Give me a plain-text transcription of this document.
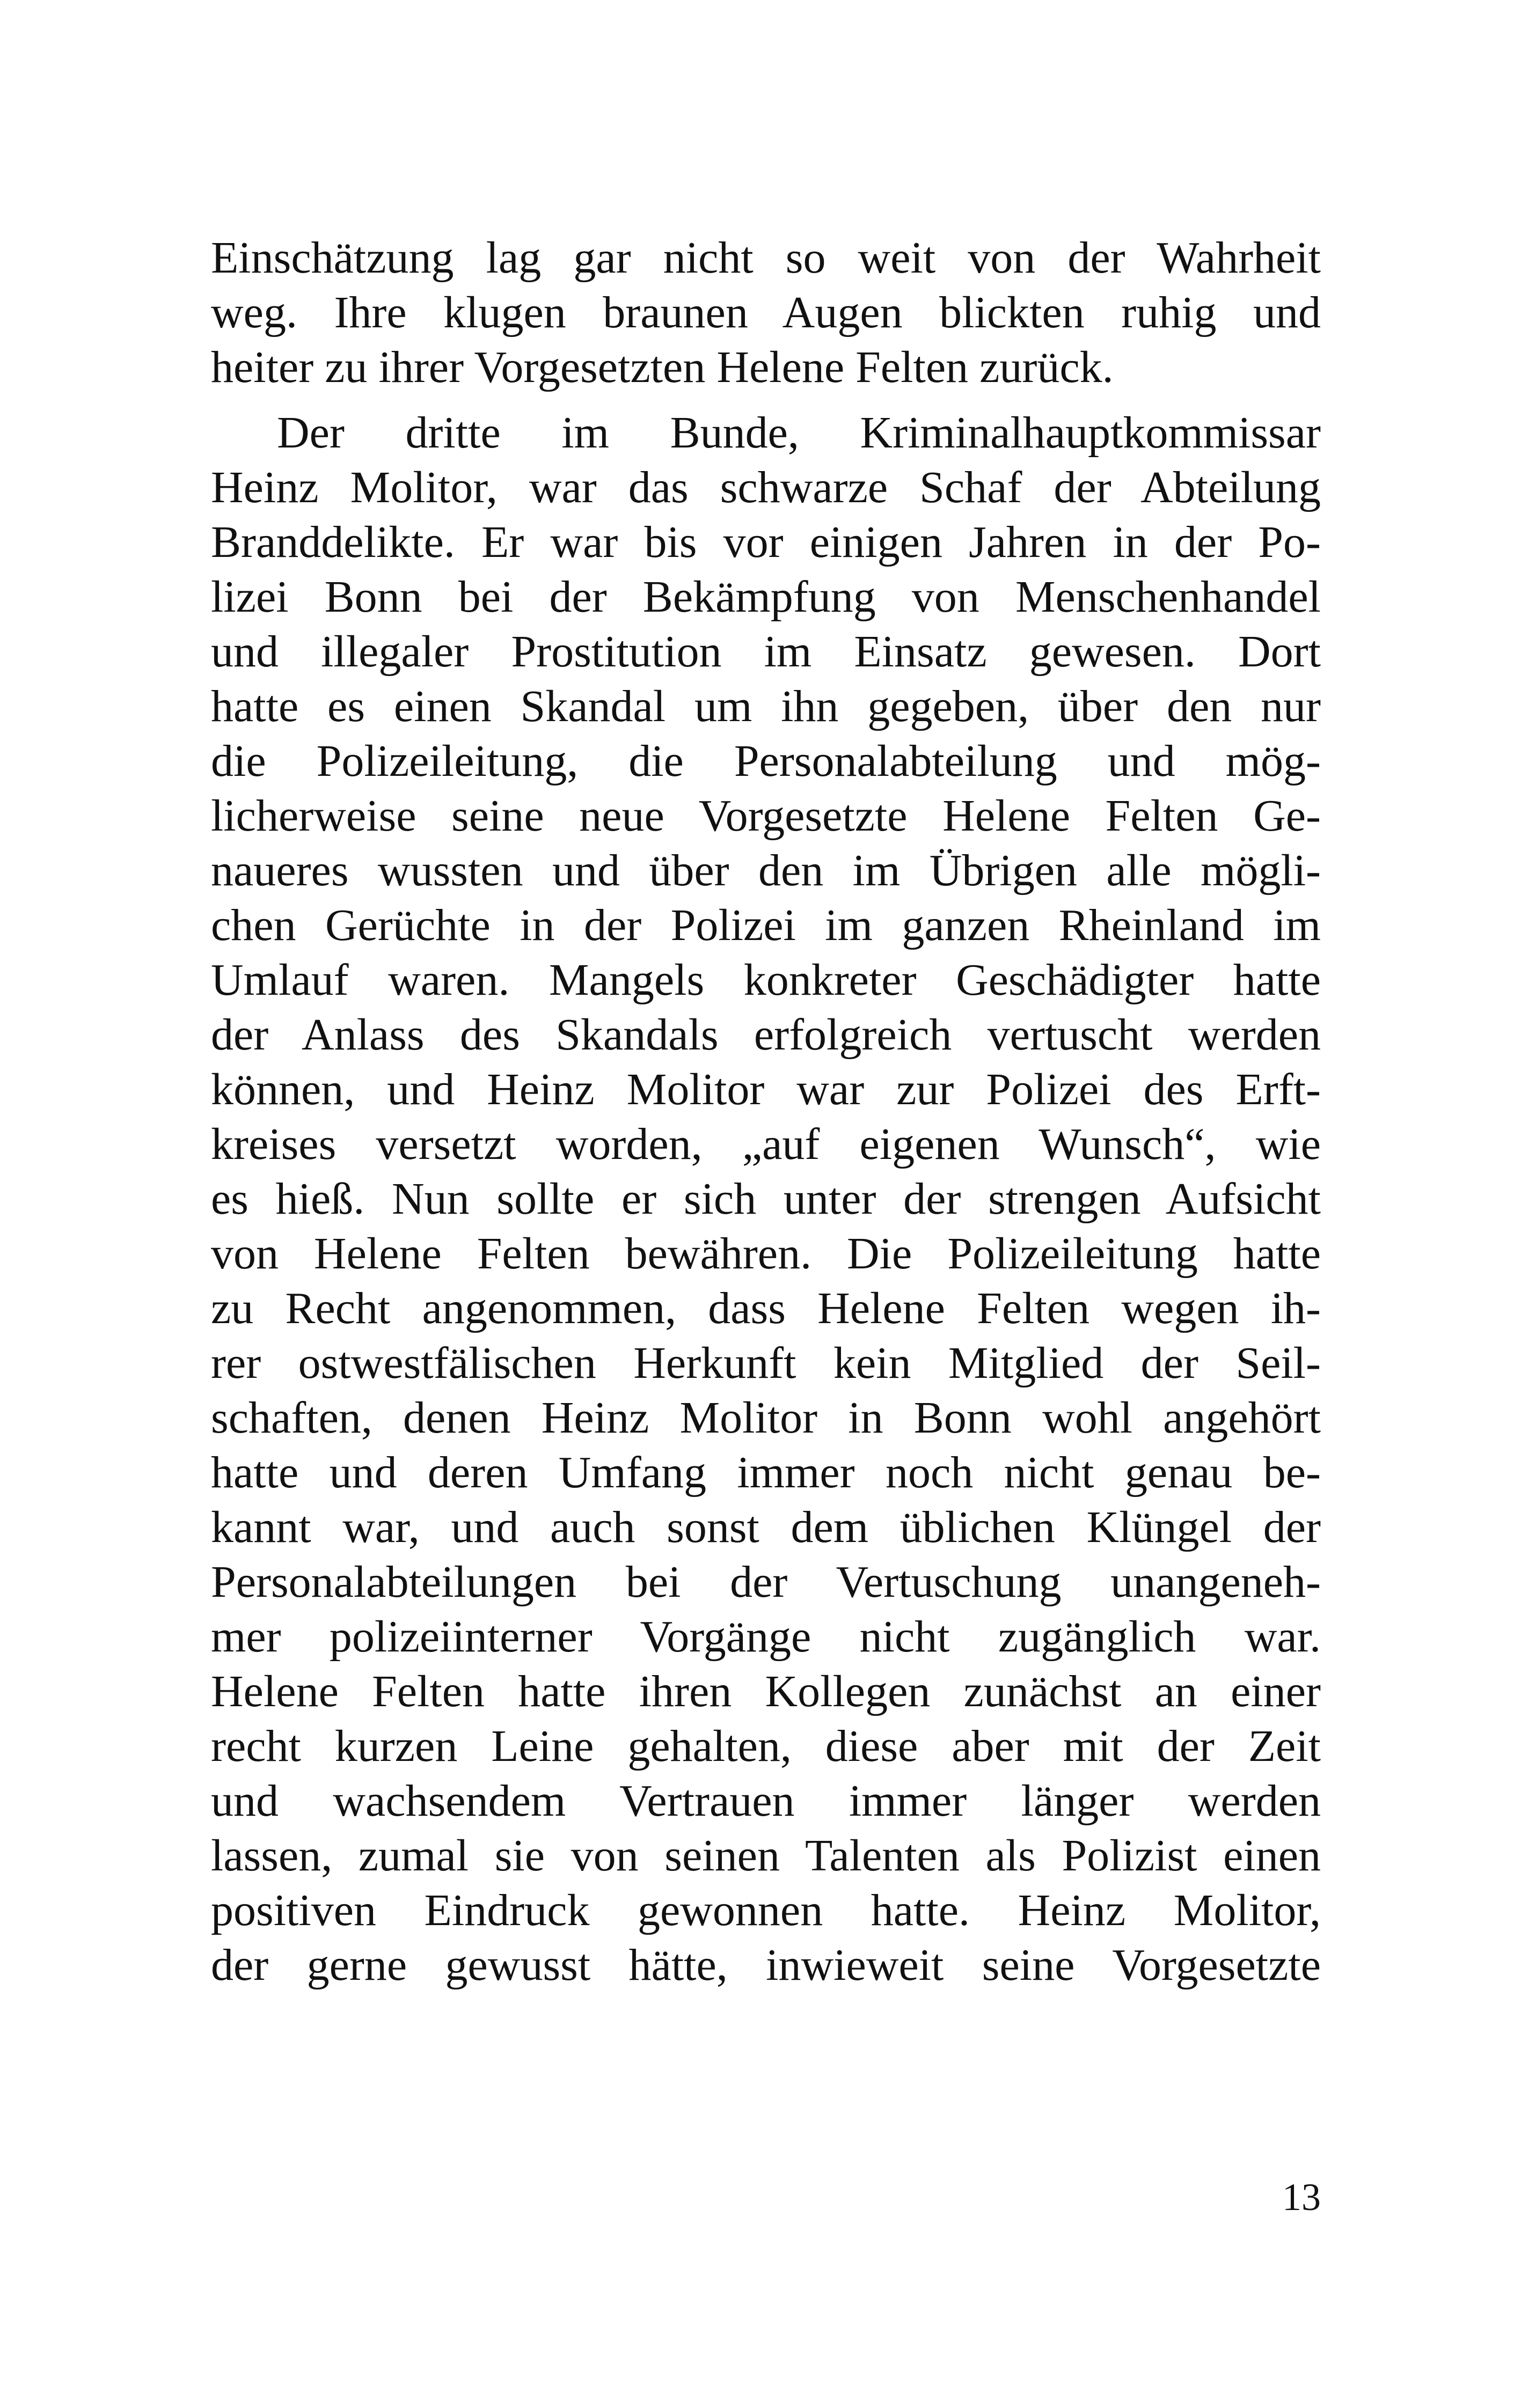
Einschätzung lag gar nicht so weit von der Wahrheit
weg. Ihre klugen braunen Augen blickten ruhig und
heiter zu ihrer Vorgesetzten Helene Felten zurück.
Der dritte im Bunde, Kriminalhauptkommissar
Heinz Molitor, war das schwarze Schaf der Abteilung
Branddelikte. Er war bis vor einigen Jahren in der Po-
lizei Bonn bei der Bekämpfung von Menschenhandel
und illegaler Prostitution im Einsatz gewesen. Dort
hatte es einen Skandal um ihn gegeben, über den nur
die Polizeileitung, die Personalabteilung und mög-
licherweise seine neue Vorgesetzte Helene Felten Ge-
naueres wussten und über den im Übrigen alle mögli-
chen Gerüchte in der Polizei im ganzen Rheinland im
Umlauf waren. Mangels konkreter Geschädigter hatte
der Anlass des Skandals erfolgreich vertuscht werden
können, und Heinz Molitor war zur Polizei des Erft-
kreises versetzt worden, „auf eigenen Wunsch“, wie
es hieß. Nun sollte er sich unter der strengen Aufsicht
von Helene Felten bewähren. Die Polizeileitung hatte
zu Recht angenommen, dass Helene Felten wegen ih-
rer ostwestfälischen Herkunft kein Mitglied der Seil-
schaften, denen Heinz Molitor in Bonn wohl angehört
hatte und deren Umfang immer noch nicht genau be-
kannt war, und auch sonst dem üblichen Klüngel der
Personalabteilungen bei der Vertuschung unangeneh-
mer polizeiinterner Vorgänge nicht zugänglich war.
Helene Felten hatte ihren Kollegen zunächst an einer
recht kurzen Leine gehalten, diese aber mit der Zeit
und wachsendem Vertrauen immer länger werden
lassen, zumal sie von seinen Talenten als Polizist einen
positiven Eindruck gewonnen hatte. Heinz Molitor,
der gerne gewusst hätte, inwieweit seine Vorgesetzte
13
